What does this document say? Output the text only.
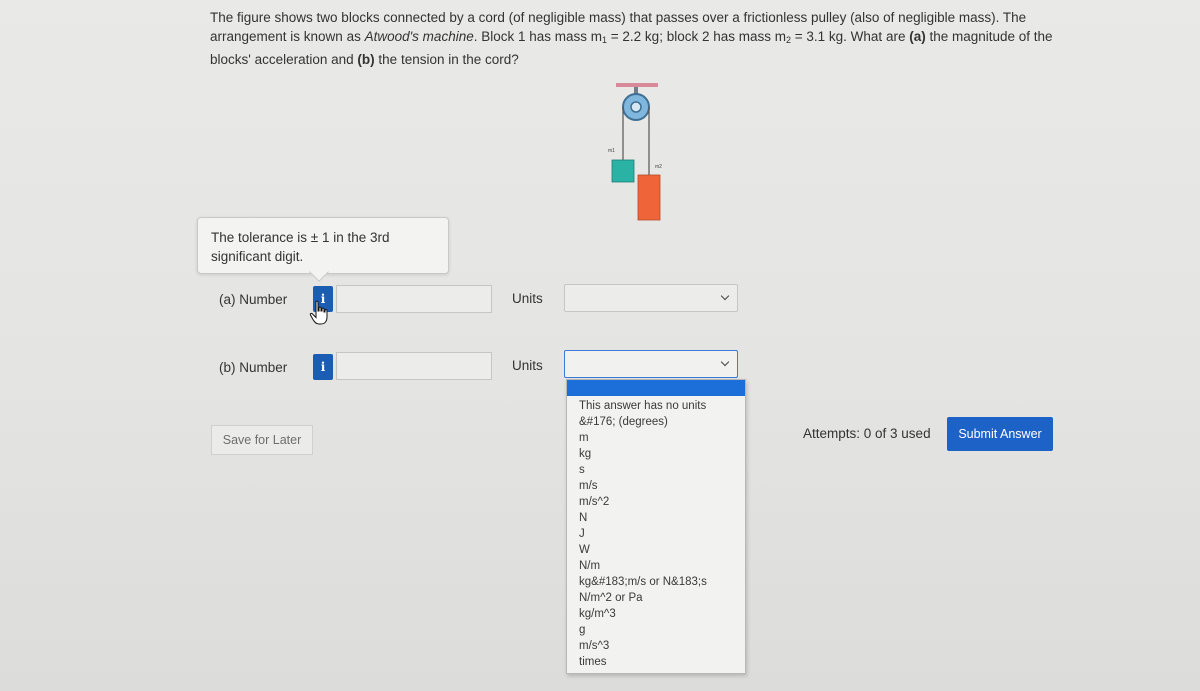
The figure shows two blocks connected by a cord (of negligible mass) that passes over a frictionless pulley (also of negligible mass). The arrangement is known as Atwood's machine. Block 1 has mass $m_1 = 2.2$ kg; block 2 has mass $m_2 = 3.1$ kg. What are (a) the magnitude of the blocks' acceleration and (b) the tension in the cord?
m1
m2
The tolerance is ± 1 in the 3rd significant digit.
(a) Number	i	Units
(b) Number	i	Units
This answer has no units
&#176; (degrees)
m
kg
s
m/s
m/s^2
N
J
W
N/m
kg&#183;m/s or N&183;s
N/m^2 or Pa
kg/m^3
g
m/s^3
times
Save for Later	Attempts: 0 of 3 used	Submit Answer
